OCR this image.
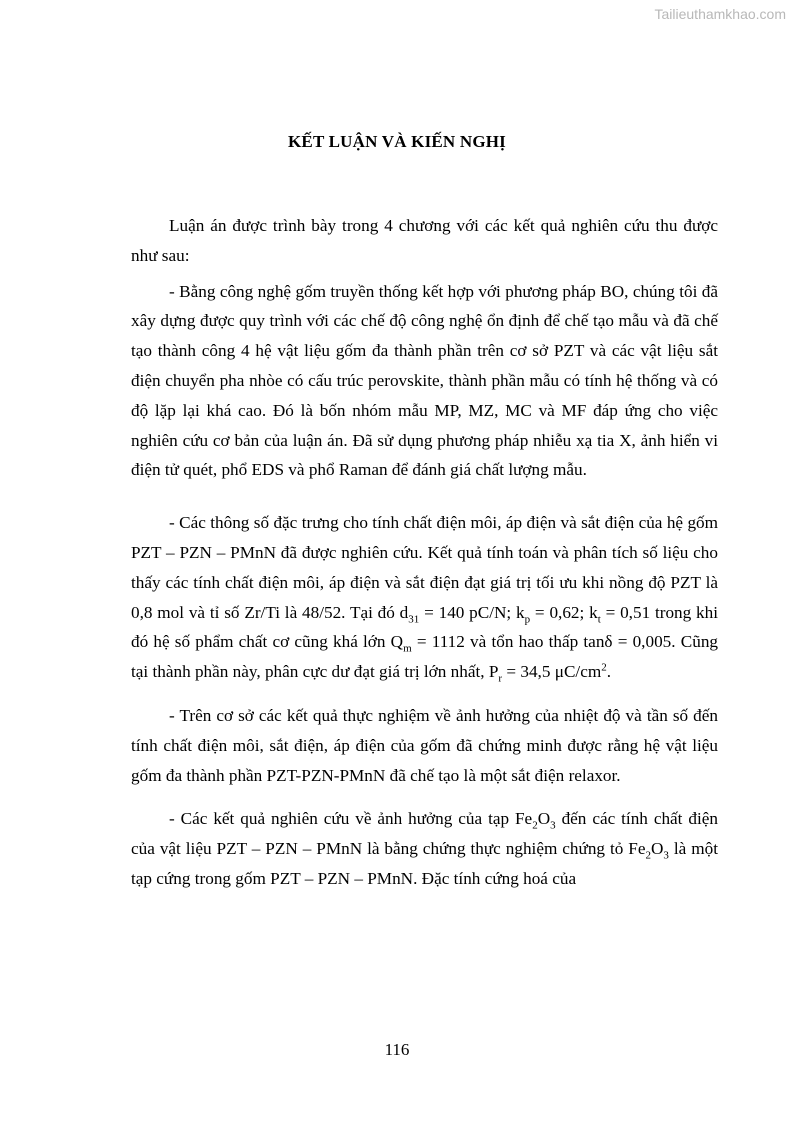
Tailieuthamkhao.com
KẾT LUẬN VÀ KIẾN NGHỊ

Luận án được trình bày trong 4 chương với các kết quả nghiên cứu thu được như sau:

- Bằng công nghệ gốm truyền thống kết hợp với phương pháp BO, chúng tôi đã xây dựng được quy trình với các chế độ công nghệ ổn định để chế tạo mẫu và đã chế tạo thành công 4 hệ vật liệu gốm đa thành phần trên cơ sở PZT và các vật liệu sắt điện chuyển pha nhòe có cấu trúc perovskite, thành phần mẫu có tính hệ thống và có độ lặp lại khá cao. Đó là bốn nhóm mẫu MP, MZ, MC và MF đáp ứng cho việc nghiên cứu cơ bản của luận án. Đã sử dụng phương pháp nhiễu xạ tia X, ảnh hiển vi điện tử quét, phổ EDS và phổ Raman để đánh giá chất lượng mẫu.

- Các thông số đặc trưng cho tính chất điện môi, áp điện và sắt điện của hệ gốm PZT – PZN – PMnN đã được nghiên cứu. Kết quả tính toán và phân tích số liệu cho thấy các tính chất điện môi, áp điện và sắt điện đạt giá trị tối ưu khi nồng độ PZT là 0,8 mol và tỉ số Zr/Ti là 48/52. Tại đó $d_{31} = 140$ pC/N; $k_p = 0,62$; $k_t = 0,51$ trong khi đó hệ số phẩm chất cơ cũng khá lớn $Q_m = 1112$ và tổn hao thấp tanδ = 0,005. Cũng tại thành phần này, phân cực dư đạt giá trị lớn nhất, $P_r = 34,5$ $\mu C/cm^2$.

- Trên cơ sở các kết quả thực nghiệm về ảnh hưởng của nhiệt độ và tần số đến tính chất điện môi, sắt điện, áp điện của gốm đã chứng minh được rằng hệ vật liệu gốm đa thành phần PZT-PZN-PMnN đã chế tạo là một sắt điện relaxor.

- Các kết quả nghiên cứu về ảnh hưởng của tạp $Fe_2O_3$ đến các tính chất điện của vật liệu PZT – PZN – PMnN là bằng chứng thực nghiệm chứng tỏ $Fe_2O_3$ là một tạp cứng trong gốm PZT – PZN – PMnN. Đặc tính cứng hoá của

116
